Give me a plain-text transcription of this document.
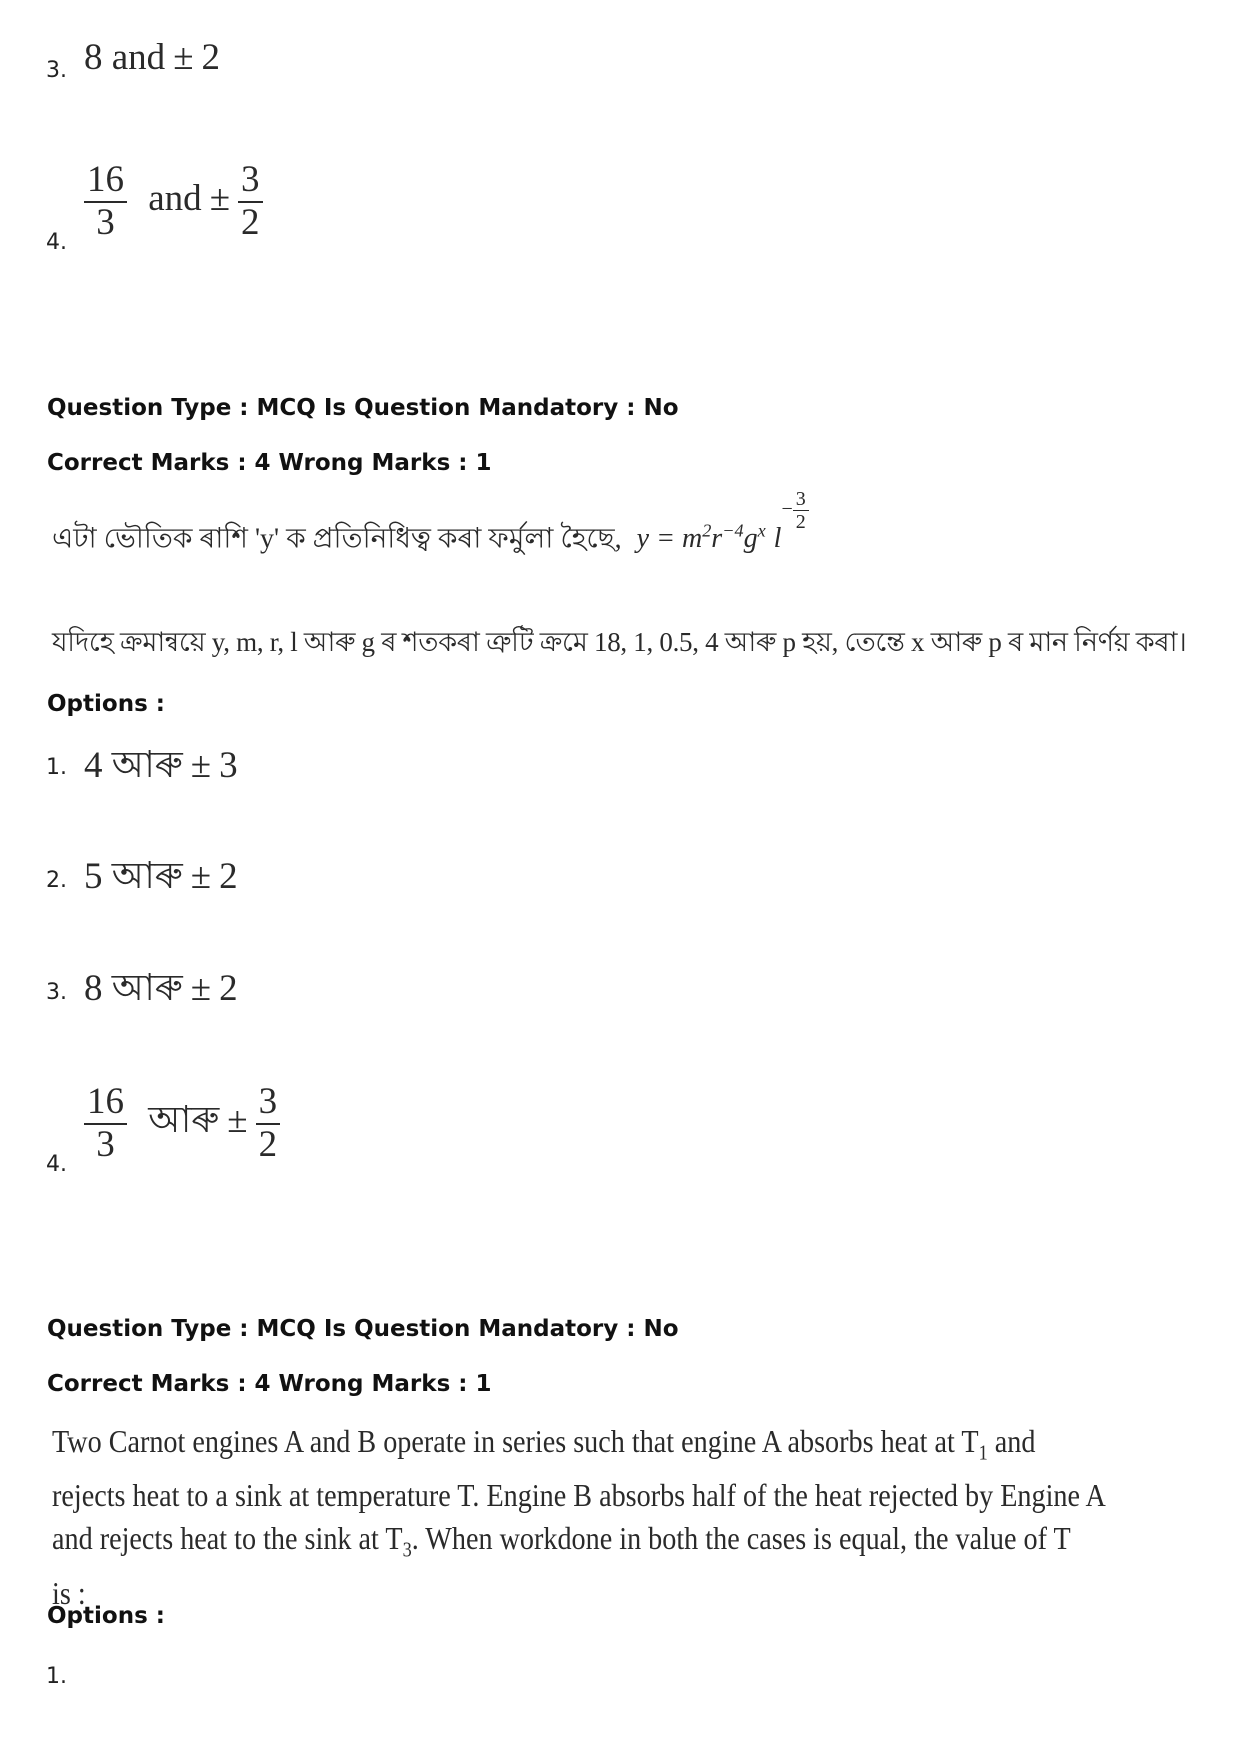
3. 8 and ± 2
4. $\frac{16}{3}$ and ± $\frac{3}{2}$
Question Type : MCQ Is Question Mandatory : No
Correct Marks : 4 Wrong Marks : 1
এটা ভৌতিক ৰাশি 'y' ক প্ৰতিনিধিত্ব কৰা ফৰ্মুলা হৈছে, $y = m^2r^{-4}g^x$ $l^{- \frac{3}{2}}$
যদিহে ক্ৰমান্বয়ে y, m, r, l আৰু g ৰ শতকৰা ত্ৰুটি ক্ৰমে 18, 1, 0.5, 4 আৰু p হয়, তেন্তে x আৰু p ৰ মান নিৰ্ণয় কৰা।
Options :
1. 4 আৰু ± 3
2. 5 আৰু ± 2
3. 8 আৰু ± 2
4. $\frac{16}{3}$ আৰু ± $\frac{3}{2}$
Question Type : MCQ Is Question Mandatory : No
Correct Marks : 4 Wrong Marks : 1
Two Carnot engines A and B operate in series such that engine A absorbs heat at $T_1$ and
rejects heat to a sink at temperature T. Engine B absorbs half of the heat rejected by Engine A
and rejects heat to the sink at $T_3$. When workdone in both the cases is equal, the value of T
is :
Options :
1.
